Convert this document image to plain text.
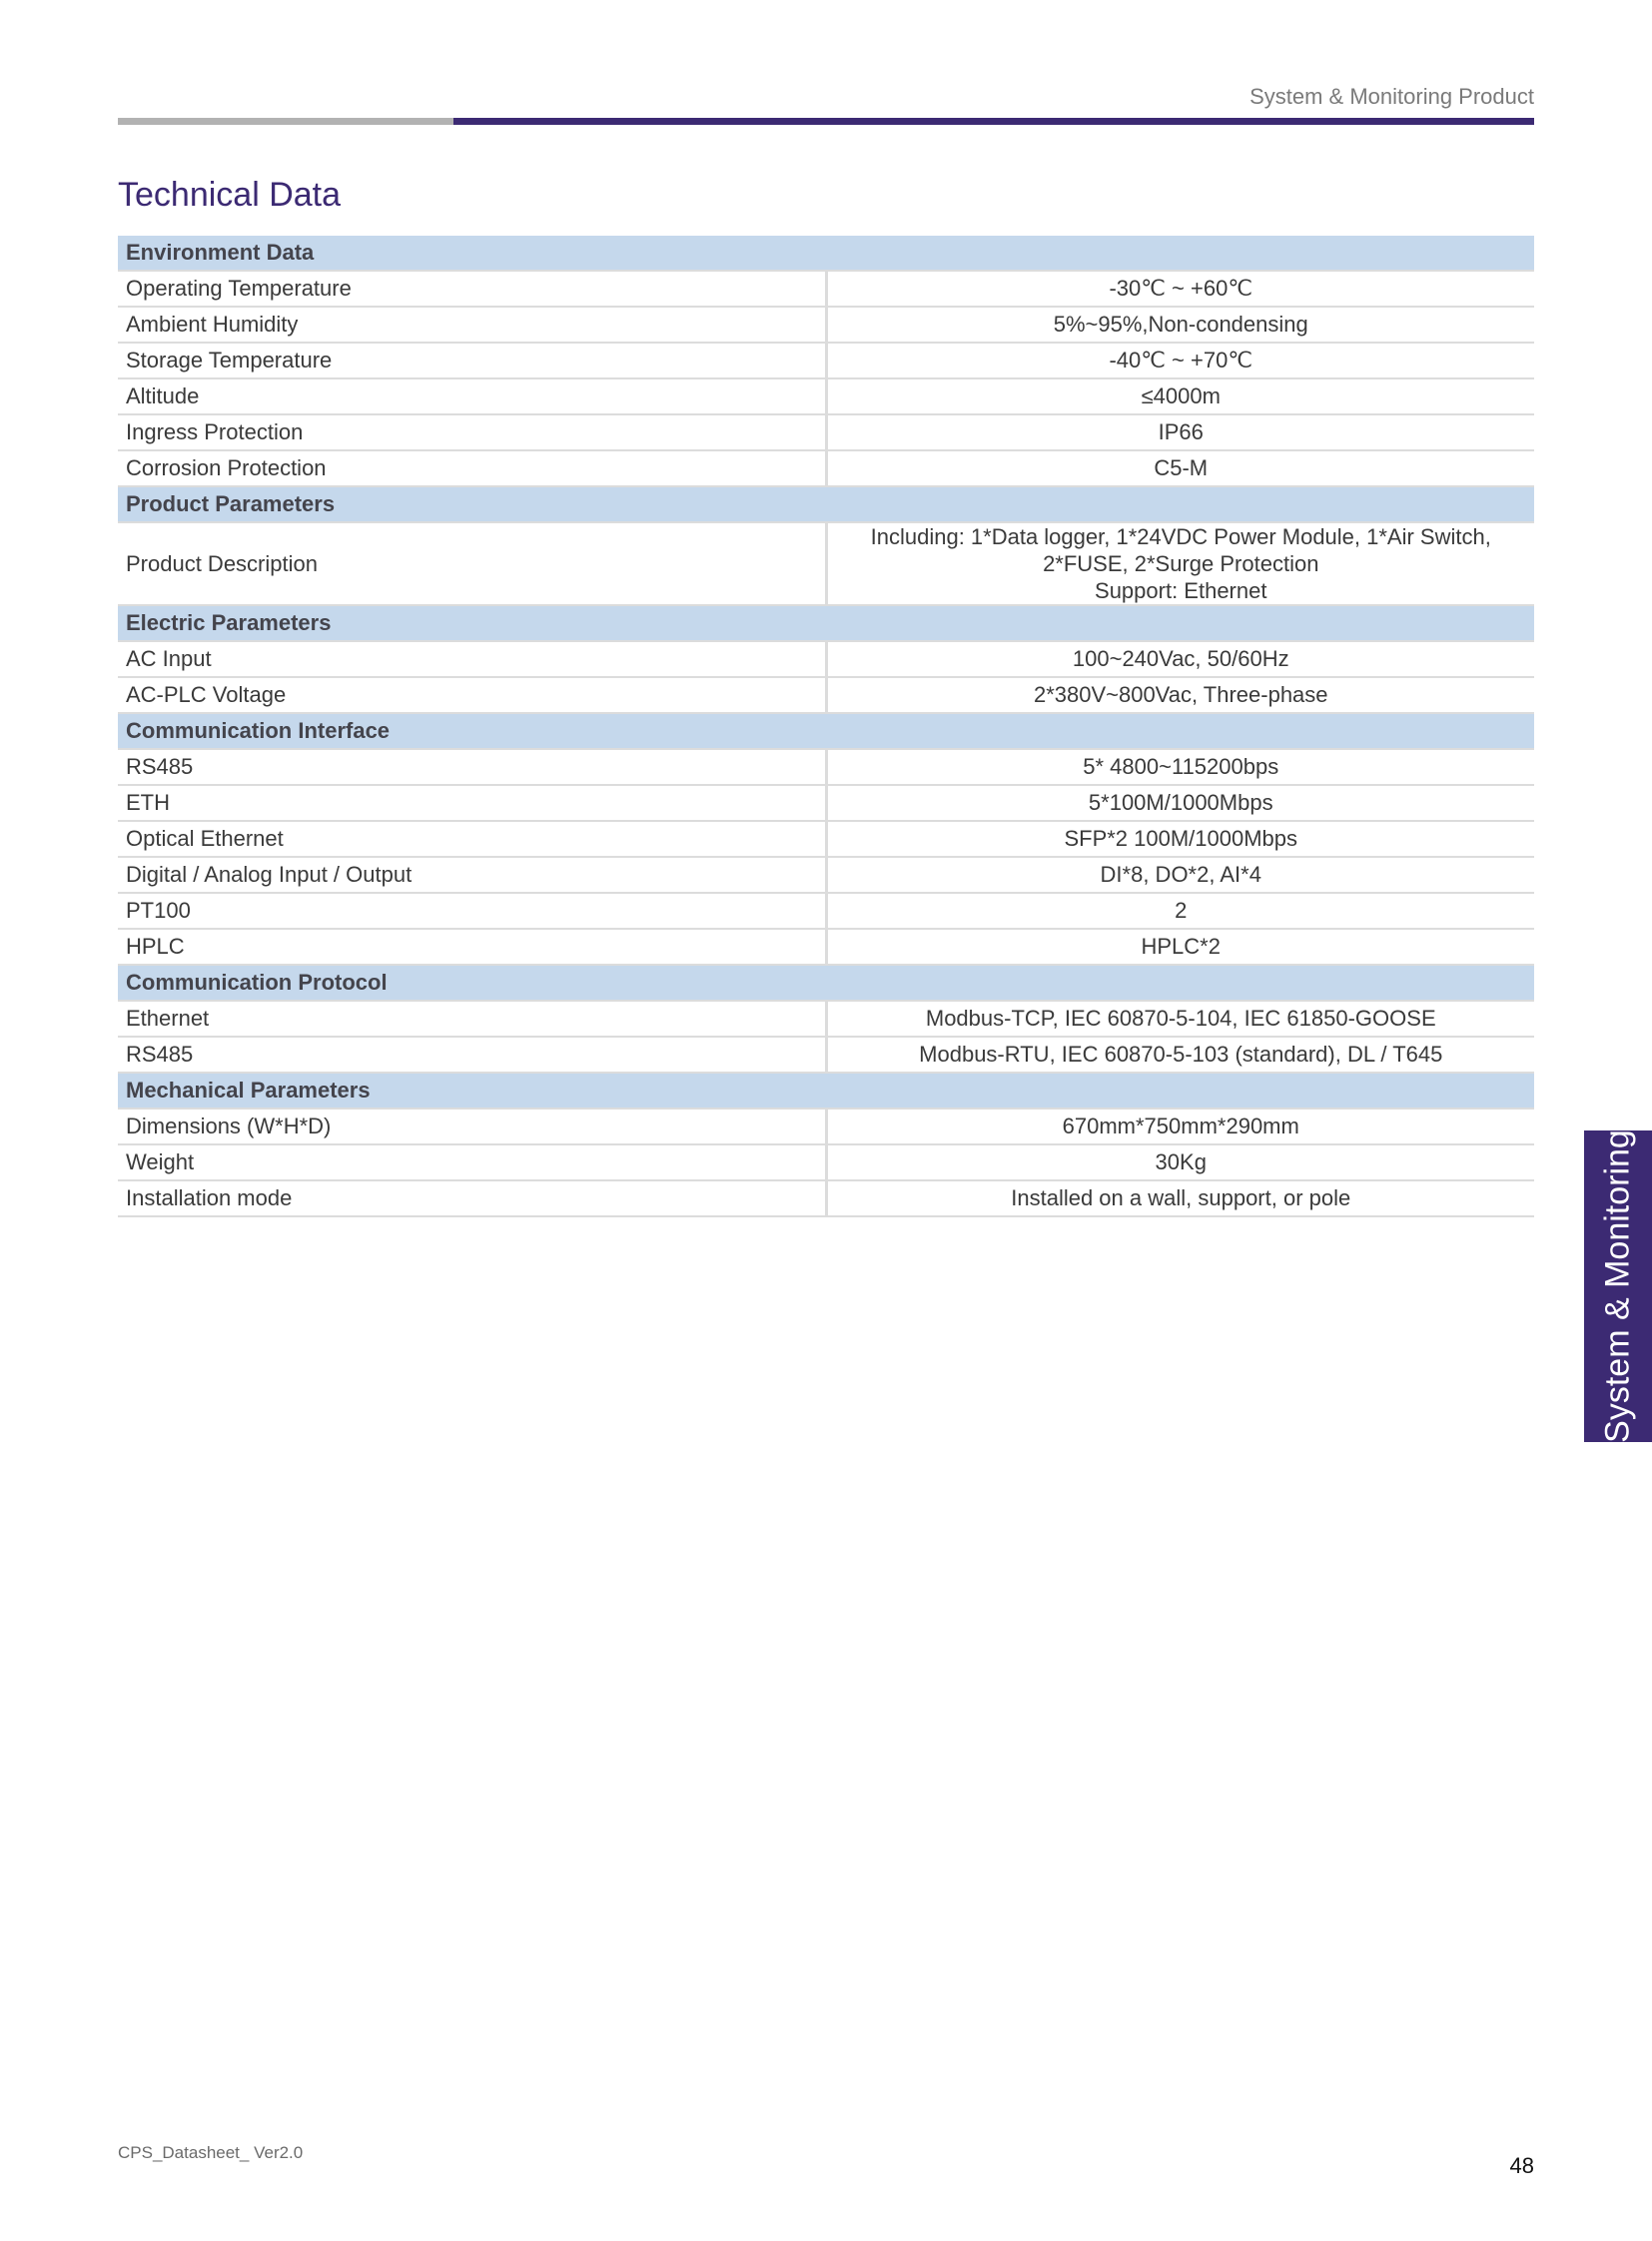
System & Monitoring Product
Technical Data
Environment Data	
Operating Temperature	-30℃ ~ +60℃
Ambient Humidity	5%~95%,Non-condensing
Storage Temperature	-40℃ ~ +70℃
Altitude	≤4000m
Ingress Protection	IP66
Corrosion Protection	C5-M
Product Parameters	
Product Description	Including: 1*Data logger, 1*24VDC Power Module, 1*Air Switch, 2*FUSE, 2*Surge Protection
Support: Ethernet

Electric Parameters	
AC Input	100~240Vac, 50/60Hz
AC-PLC Voltage	2*380V~800Vac, Three-phase
Communication Interface	
RS485	5* 4800~115200bps
ETH	5*100M/1000Mbps
Optical Ethernet	SFP*2 100M/1000Mbps
Digital / Analog Input / Output	DI*8, DO*2, AI*4
PT100	2
HPLC	HPLC*2
Communication Protocol	
Ethernet	Modbus-TCP, IEC 60870-5-104, IEC 61850-GOOSE
RS485	Modbus-RTU, IEC 60870-5-103 (standard), DL / T645
Mechanical Parameters	
Dimensions (W*H*D)	670mm*750mm*290mm
Weight	30Kg
Installation mode	Installed on a wall, support, or pole	System & Monitoring
CPS_Datasheet_ Ver2.0
48
